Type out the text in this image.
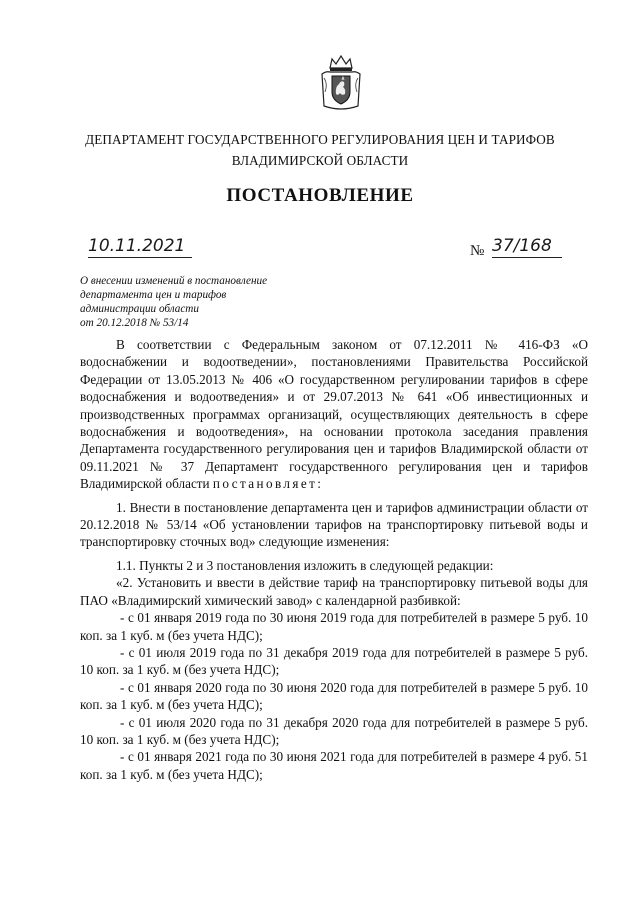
ДЕПАРТАМЕНТ ГОСУДАРСТВЕННОГО РЕГУЛИРОВАНИЯ ЦЕН И ТАРИФОВ
ВЛАДИМИРСКОЙ ОБЛАСТИ
ПОСТАНОВЛЕНИЕ
10.11.2021	№ 37/168
О внесении изменений в постановление
департамента цен и тарифов
администрации области
от 20.12.2018 № 53/14

В соответствии с Федеральным законом от 07.12.2011 № 416-ФЗ «О водоснабжении и водоотведении», постановлениями Правительства Российской Федерации от 13.05.2013 № 406 «О государственном регулировании тарифов в сфере водоснабжения и водоотведения» и от 29.07.2013 № 641 «Об инвестиционных и производственных программах организаций, осуществляющих деятельность в сфере водоснабжения и водоотведения», на основании протокола заседания правления Департамента государственного регулирования цен и тарифов Владимирской области от 09.11.2021 № 37 Департамент государственного регулирования цен и тарифов Владимирской области постановляет:

1. Внести в постановление департамента цен и тарифов администрации области от 20.12.2018 № 53/14 «Об установлении тарифов на транспортировку питьевой воды и транспортировку сточных вод» следующие изменения:

1.1. Пункты 2 и 3 постановления изложить в следующей редакции:

«2. Установить и ввести в действие тариф на транспортировку питьевой воды для ПАО «Владимирский химический завод» с календарной разбивкой:

- с 01 января 2019 года по 30 июня 2019 года для потребителей в размере 5 руб. 10 коп. за 1 куб. м (без учета НДС);

- с 01 июля 2019 года по 31 декабря 2019 года для потребителей в размере 5 руб. 10 коп. за 1 куб. м (без учета НДС);

- с 01 января 2020 года по 30 июня 2020 года для потребителей в размере 5 руб. 10 коп. за 1 куб. м (без учета НДС);

- с 01 июля 2020 года по 31 декабря 2020 года для потребителей в размере 5 руб. 10 коп. за 1 куб. м (без учета НДС);

- с 01 января 2021 года по 30 июня 2021 года для потребителей в размере 4 руб. 51 коп. за 1 куб. м (без учета НДС);
